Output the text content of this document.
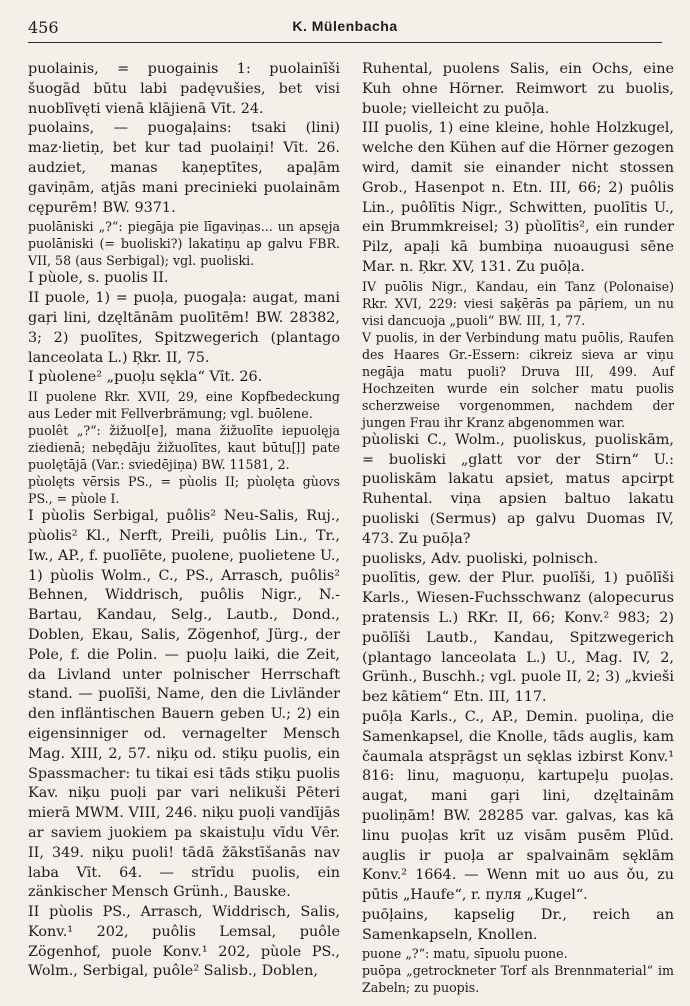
456	K. Mülenbacha

puolainis, = puogainis 1: puolainīši šuogād būtu labi padęvušies, bet visi nuoblīvęti vienā klājienā Vīt. 24.

puolains, — puogaļains: tsaki (lini) maz·lietiņ, bet kur tad puolaiņi! Vīt. 26. audziet, manas kaņeptītes, apaļām gaviņām, atjās mani precinieki puolainām cępurēm! BW. 9371.

puolāniski „?“: piegāja pie līgaviņas... un apsęja puolāniski (= buoliski?) lakatiņu ap galvu FBR. VII, 58 (aus Serbigal); vgl. puoliski.

I pùole, s. puolis II.

II puole, 1) = puoļa, puogaļa: augat, mani gaŗi lini, dzęltānām puolītēm! BW. 28382, 3; 2) puolītes, Spitzwegerich (plantago lanceolata L.) Ŗkr. II, 75.

I pùolene² „puoļu sękla“ Vīt. 26.

II puolene Rkr. XVII, 29, eine Kopfbedeckung aus Leder mit Fellverbrämung; vgl. buōlene.

puolêt „?“: žižuol[e], mana žižuolīte iepuolęja ziedienā; nebędāju žižuolītes, kaut būtu[ļ] pate puolętājā (Var.: sviedējiņa) BW. 11581, 2.

pùolęts vērsis PS., = pùolis II; pùolęta gùovs PS., = pùole I.

I pùolis Serbigal, puôlis² Neu-Salis, Ruj., pùolis² Kl., Nerft, Preili, puôlis Lin., Tr., Iw., AP., f. puolīēte, puolene, puolietene U., 1) pùolis Wolm., C., PS., Arrasch, puôlis² Behnen, Widdrisch, puôlis Nigr., N.-Bartau, Kandau, Selg., Lautb., Dond., Doblen, Ekau, Salis, Zögenhof, Jürg., der Pole, f. die Polin. — puoļu laiki, die Zeit, da Livland unter polnischer Herrschaft stand. — puolīši, Name, den die Livländer den infläntischen Bauern geben U.; 2) ein eigensinniger od. vernagelter Mensch Mag. XIII, 2, 57. niķu od. stiķu puolis, ein Spassmacher: tu tikai esi tāds stiķu puolis Kav. niķu puoļi par vari nelikuši Pēteri mierā MWM. VIII, 246. niķu puoļi vandījās ar saviem juokiem pa skaistuļu vīdu Vēr. II, 349. niķu puoli! tādā žākstīšanās nav laba Vīt. 64. — strīdu puolis, ein zänkischer Mensch Grünh., Bauske.

II pùolis PS., Arrasch, Widdrisch, Salis, Konv.¹ 202, puôlis Lemsal, puôle Zögenhof, puole Konv.¹ 202, pùole PS., Wolm., Serbigal, puôle² Salisb., Doblen,

Ruhental, puolens Salis, ein Ochs, eine Kuh ohne Hörner. Reimwort zu buolis, buole; vielleicht zu puōļa.

III puolis, 1) eine kleine, hohle Holzkugel, welche den Kühen auf die Hörner gezogen wird, damit sie einander nicht stossen Grob., Hasenpot n. Etn. III, 66; 2) puôlis Lin., puôlītis Nigr., Schwitten, puolītis U., ein Brummkreisel; 3) pùolītis², ein runder Pilz, apaļi kā bumbiņa nuoaugusi sēne Mar. n. Ŗkr. XV, 131. Zu puōļa.

IV puōlis Nigr., Kandau, ein Tanz (Polonaise) Rkr. XVI, 229: viesi saķērās pa pāŗiem, un nu visi dancuoja „puoli“ BW. III, 1, 77.

V puolis, in der Verbindung matu puōlis, Raufen des Haares Gr.-Essern: cikreiz sieva ar viņu negāja matu puoli? Druva III, 499. Auf Hochzeiten wurde ein solcher matu puolis scherzweise vorgenommen, nachdem der jungen Frau ihr Kranz abgenommen war.

pùoliski C., Wolm., puoliskus, puoliskām, = buoliski „glatt vor der Stirn“ U.: puoliskām lakatu apsiet, matus apcirpt Ruhental. viņa apsien baltuo lakatu puoliski (Sermus) ap galvu Duomas IV, 473. Zu puōļa?

puolisks, Adv. puoliski, polnisch.

puolītis, gew. der Plur. puolīši, 1) puōlīši Karls., Wiesen-Fuchsschwanz (alopecurus pratensis L.) RKr. II, 66; Konv.² 983; 2) puōlīši Lautb., Kandau, Spitzwegerich (plantago lanceolata L.) U., Mag. IV, 2, Grünh., Buschh.; vgl. puole II, 2; 3) „kvieši bez kātiem“ Etn. III, 117.

puōļa Karls., C., AP., Demin. puoliņa, die Samenkapsel, die Knolle, tāds auglis, kam čaumala atspŗāgst un sęklas izbirst Konv.¹ 816: linu, maguoņu, kartupeļu puoļas. augat, mani gaŗi lini, dzęltainām puoliņām! BW. 28285 var. galvas, kas kā linu puoļas krīt uz visām pusēm Plūd. auglis ir puoļa ar spalvainām sęklām Konv.² 1664. — Wenn mit uo aus ǒu, zu pūtis „Haufe“, r. пуля „Kugel“.

puōļains, kapselig Dr., reich an Samenkapseln, Knollen.

puone „?“: matu, sīpuolu puone.

puōpa „getrockneter Torf als Brennmaterial“ im Zabeln; zu puopis.
